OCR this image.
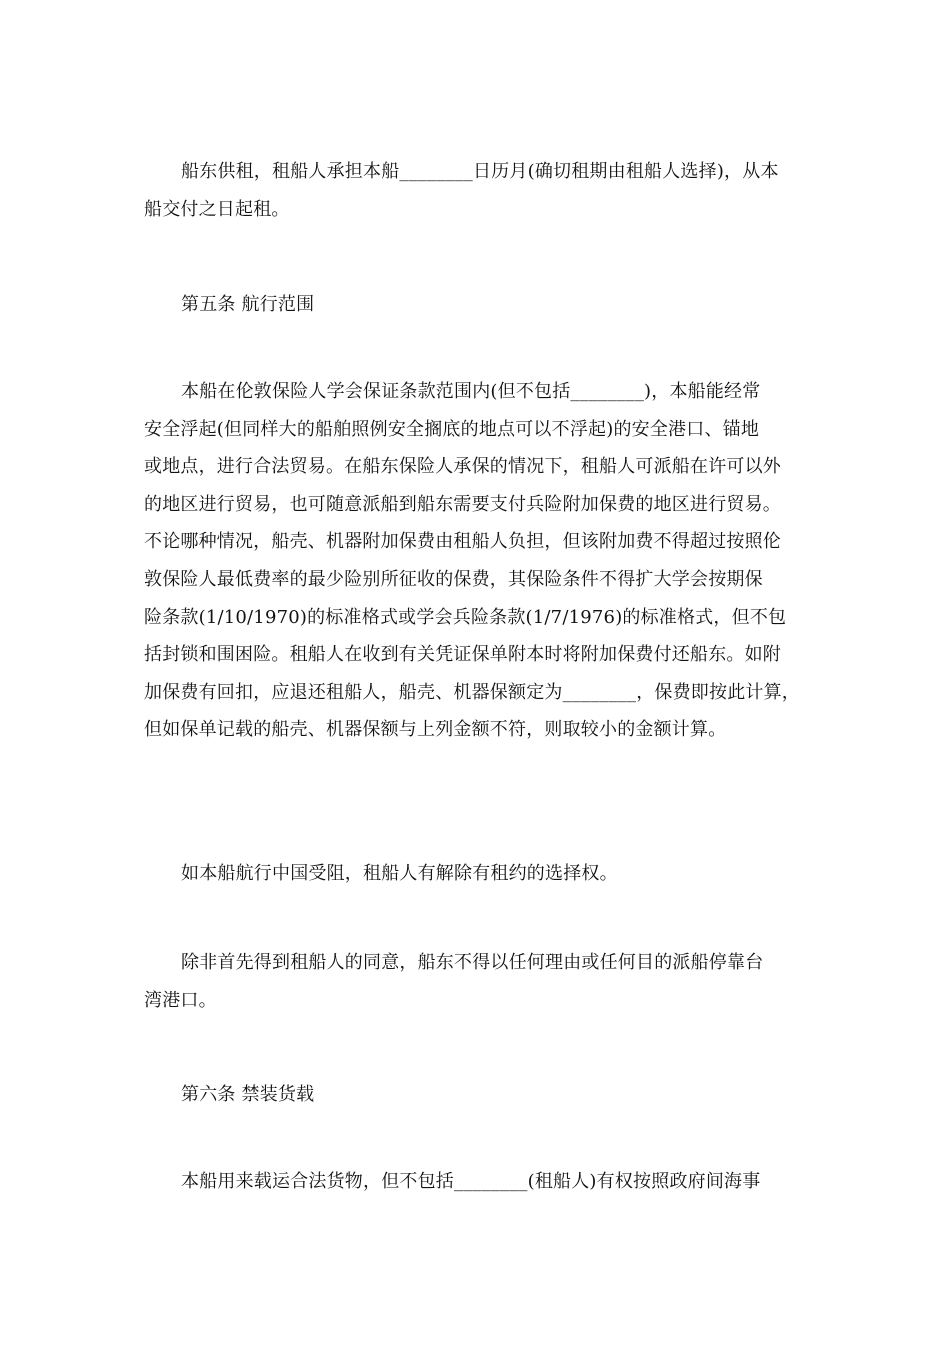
船东供租，租船人承担本船________日历月(确切租期由租船人选择)，从本
船交付之日起租。
第五条 航行范围
本船在伦敦保险人学会保证条款范围内(但不包括________)，本船能经常
安全浮起(但同样大的船舶照例安全搁底的地点可以不浮起)的安全港口、锚地
或地点，进行合法贸易。在船东保险人承保的情况下，租船人可派船在许可以外
的地区进行贸易，也可随意派船到船东需要支付兵险附加保费的地区进行贸易。
不论哪种情况，船壳、机器附加保费由租船人负担，但该附加费不得超过按照伦
敦保险人最低费率的最少险别所征收的保费，其保险条件不得扩大学会按期保
险条款(1/10/1970)的标准格式或学会兵险条款(1/7/1976)的标准格式，但不包
括封锁和围困险。租船人在收到有关凭证保单附本时将附加保费付还船东。如附
加保费有回扣，应退还租船人，船壳、机器保额定为________，保费即按此计算，
但如保单记载的船壳、机器保额与上列金额不符，则取较小的金额计算。
如本船航行中国受阻，租船人有解除有租约的选择权。
除非首先得到租船人的同意，船东不得以任何理由或任何目的派船停靠台
湾港口。
第六条 禁装货载
本船用来载运合法货物，但不包括________(租船人)有权按照政府间海事
